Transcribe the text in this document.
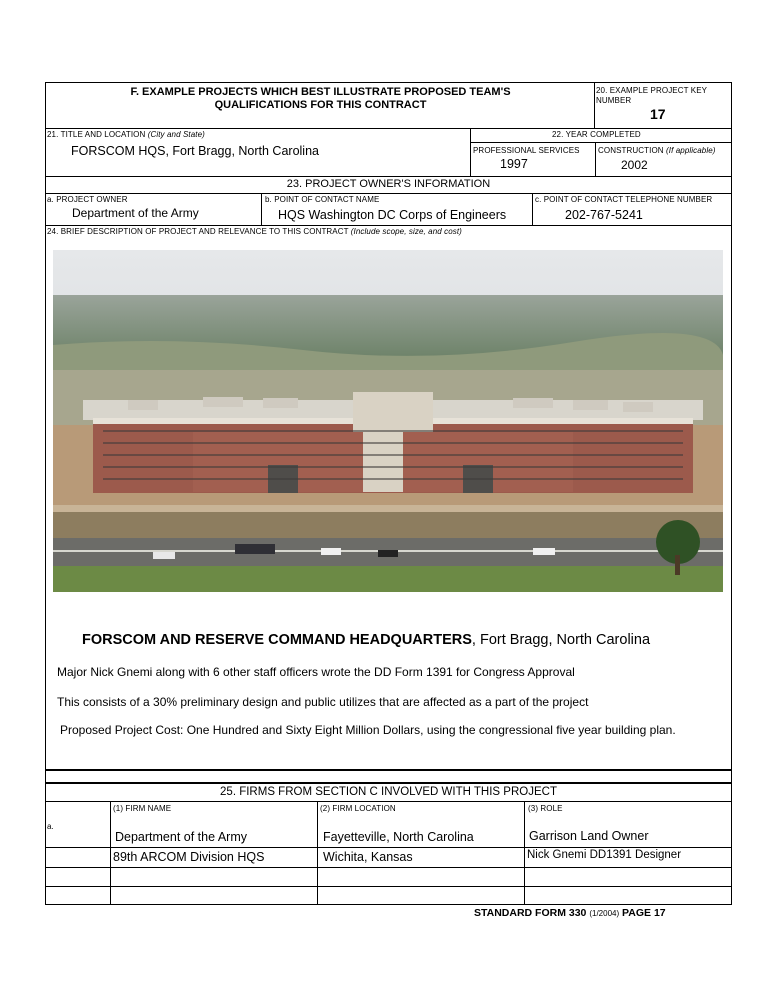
F. EXAMPLE PROJECTS WHICH BEST ILLUSTRATE PROPOSED TEAM'S
QUALIFICATIONS FOR THIS CONTRACT
20. EXAMPLE PROJECT KEY
NUMBER
17
21. TITLE AND LOCATION (City and State)
FORSCOM HQS, Fort Bragg, North Carolina
22. YEAR COMPLETED
PROFESSIONAL SERVICES
1997
CONSTRUCTION (If applicable)
2002
23. PROJECT OWNER'S INFORMATION
a. PROJECT OWNER
Department of the Army
b. POINT OF CONTACT NAME
HQS Washington DC Corps of Engineers
c. POINT OF CONTACT TELEPHONE NUMBER
202-767-5241
24. BRIEF DESCRIPTION OF PROJECT AND RELEVANCE TO THIS CONTRACT (Include scope, size, and cost)
FORSCOM AND RESERVE COMMAND HEADQUARTERS, Fort Bragg, North Carolina
Major Nick Gnemi along with 6 other staff officers wrote the DD Form 1391 for Congress Approval
This consists of a 30% preliminary design and public utilizes that are affected as a part of the project
Proposed Project Cost: One Hundred and Sixty Eight Million Dollars, using the congressional five year building plan.
25. FIRMS FROM SECTION C INVOLVED WITH THIS PROJECT
(1) FIRM NAME	(2) FIRM LOCATION	(3) ROLE
a.
Department of the Army	Fayetteville, North Carolina	Garrison Land Owner
89th ARCOM Division HQS	Wichita, Kansas	Nick Gnemi DD1391 Designer
STANDARD FORM 330 (1/2004) PAGE 17
